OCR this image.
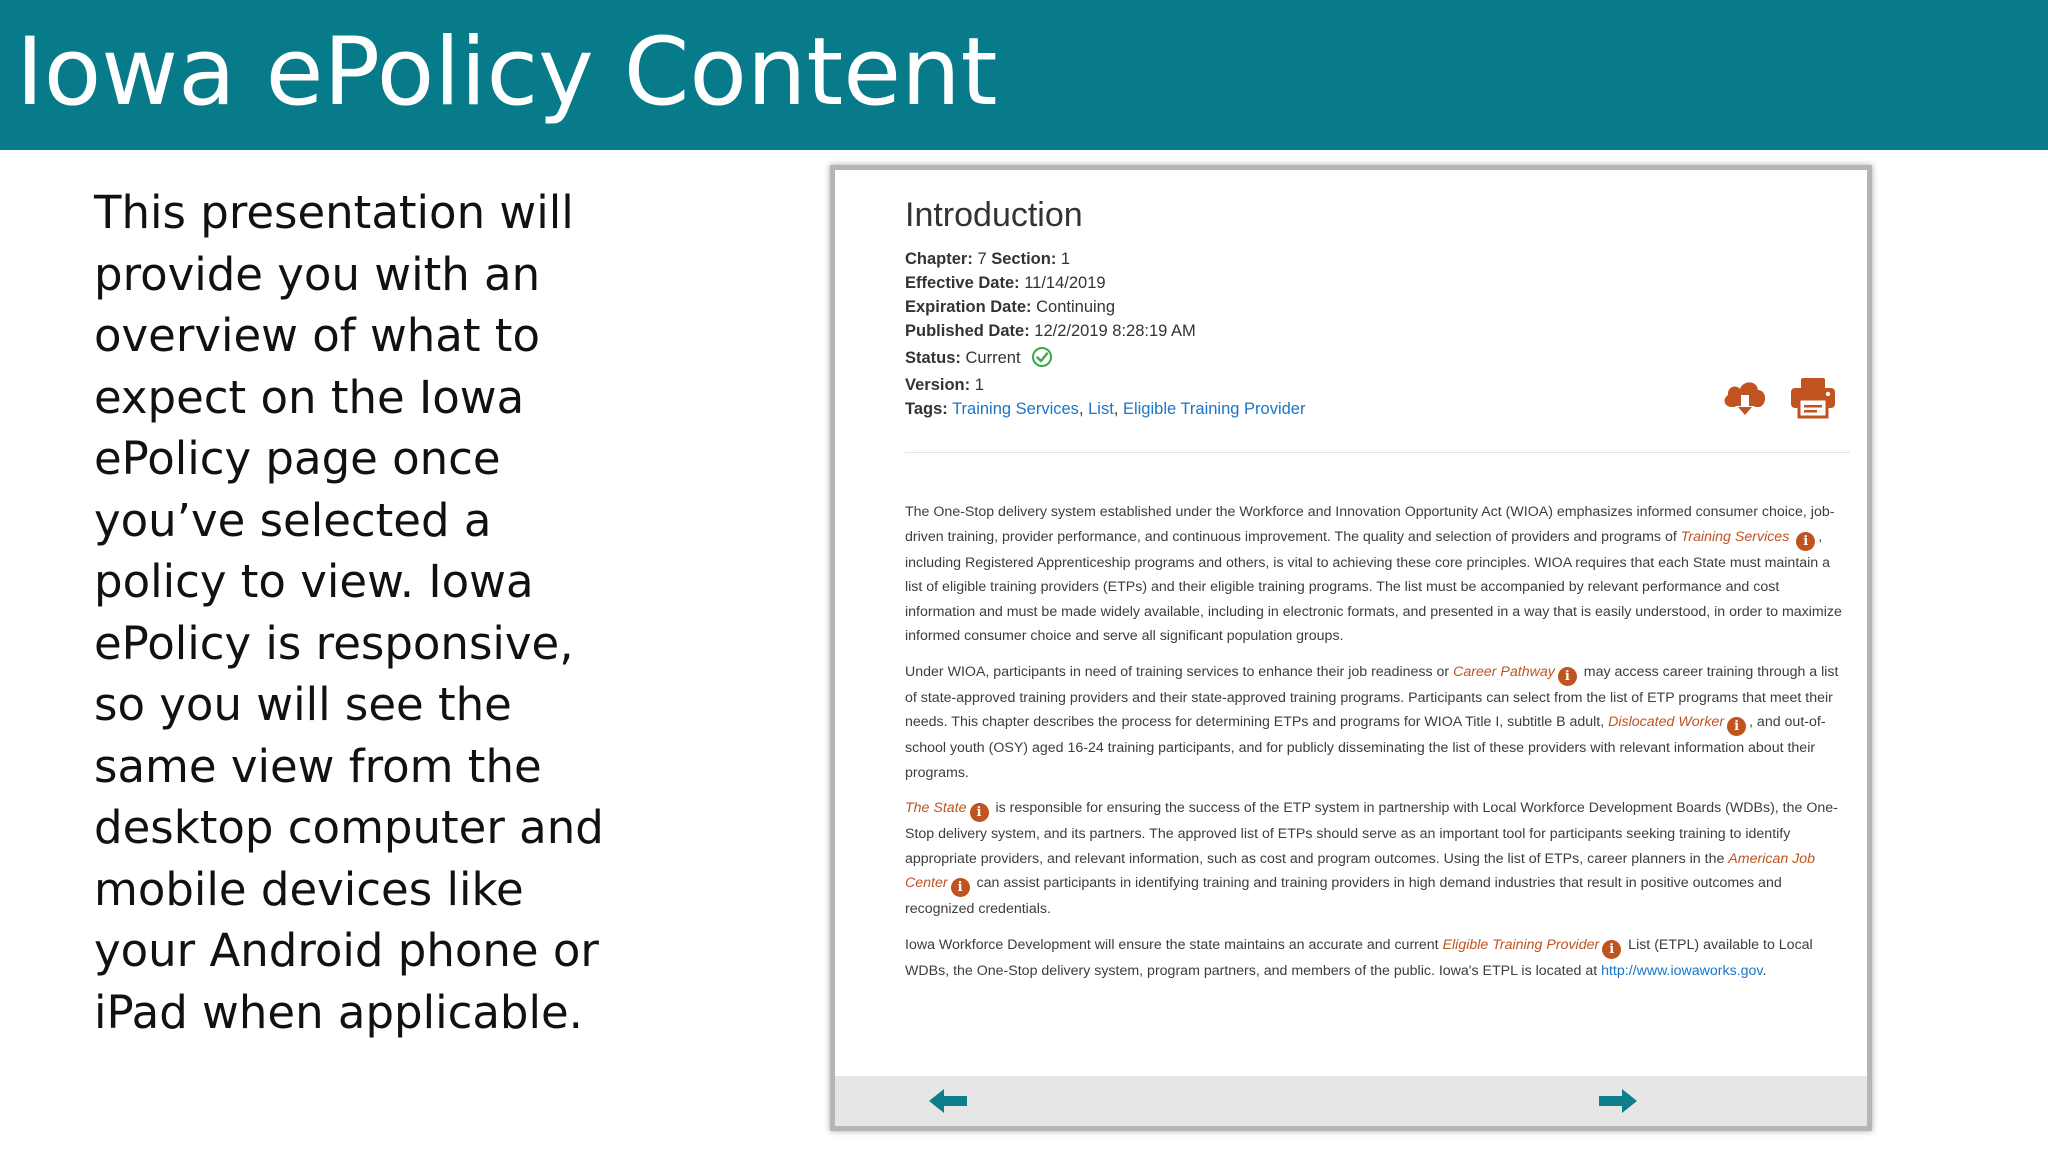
Iowa ePolicy Content

This presentation will provide you with an overview of what to expect on the Iowa ePolicy page once you’ve selected a policy to view. Iowa ePolicy is responsive, so you will see the same view from the desktop computer and mobile devices like your Android phone or iPad when applicable.

Introduction
Chapter: 7 Section: 1
Effective Date: 11/14/2019
Expiration Date: Continuing
Published Date: 12/2/2019 8:28:19 AM
Status: Current
Version: 1
Tags: Training Services, List, Eligible Training Provider

The One-Stop delivery system established under the Workforce and Innovation Opportunity Act (WIOA) emphasizes informed consumer choice, job-driven training, provider performance, and continuous improvement. The quality and selection of providers and programs of Training Services i , including Registered Apprenticeship programs and others, is vital to achieving these core principles. WIOA requires that each State must maintain a list of eligible training providers (ETPs) and their eligible training programs. The list must be accompanied by relevant performance and cost information and must be made widely available, including in electronic formats, and presented in a way that is easily understood, in order to maximize informed consumer choice and serve all significant population groups.

Under WIOA, participants in need of training services to enhance their job readiness or Career Pathway i may access career training through a list of state-approved training providers and their state-approved training programs. Participants can select from the list of ETP programs that meet their needs. This chapter describes the process for determining ETPs and programs for WIOA Title I, subtitle B adult, Dislocated Worker i , and out-of-school youth (OSY) aged 16-24 training participants, and for publicly disseminating the list of these providers with relevant information about their programs.

The State i is responsible for ensuring the success of the ETP system in partnership with Local Workforce Development Boards (WDBs), the One-Stop delivery system, and its partners. The approved list of ETPs should serve as an important tool for participants seeking training to identify appropriate providers, and relevant information, such as cost and program outcomes. Using the list of ETPs, career planners in the American Job Center i can assist participants in identifying training and training providers in high demand industries that result in positive outcomes and recognized credentials.

Iowa Workforce Development will ensure the state maintains an accurate and current Eligible Training Provider i List (ETPL) available to Local WDBs, the One-Stop delivery system, program partners, and members of the public. Iowa's ETPL is located at http://www.iowaworks.gov.
